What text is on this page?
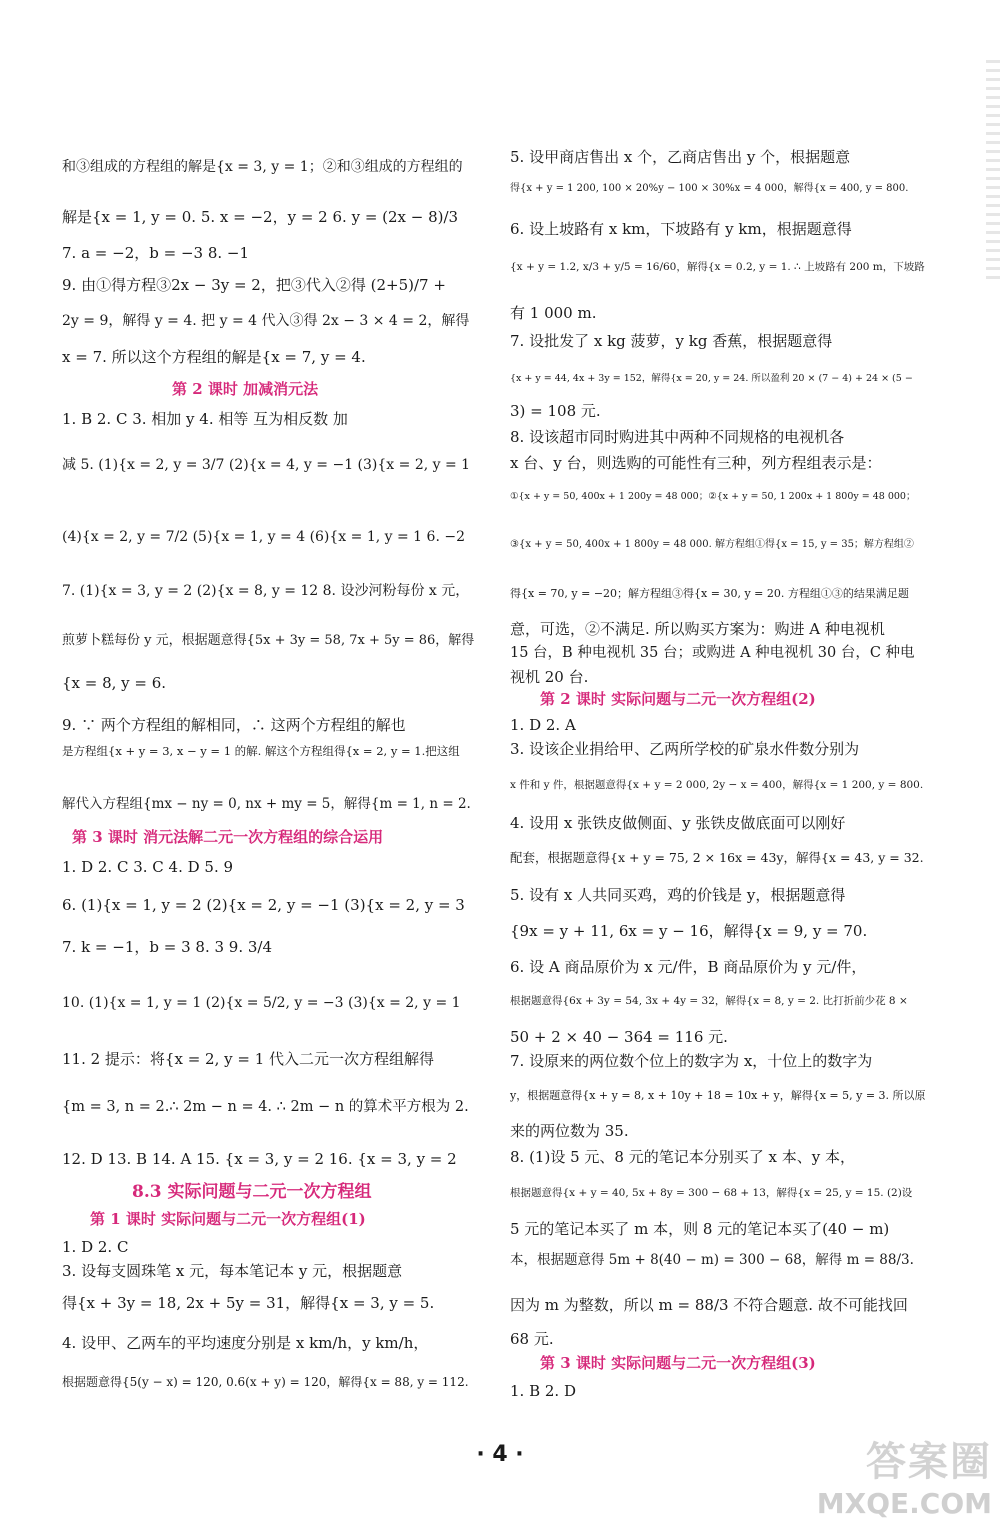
和③组成的方程组的解是{x = 3, y = 1；②和③组成的方程组的
解是{x = 1, y = 0. 5. x = −2，y = 2 6. y = (2x − 8)/3
7. a = −2，b = −3 8. −1
9. 由①得方程③2x − 3y = 2，把③代入②得 (2+5)/7 +
2y = 9，解得 y = 4. 把 y = 4 代入③得 2x − 3 × 4 = 2，解得
x = 7. 所以这个方程组的解是{x = 7, y = 4.
第 2 课时 加减消元法
1. B 2. C 3. 相加 y 4. 相等 互为相反数 加
减 5. (1){x = 2, y = 3/7 (2){x = 4, y = −1 (3){x = 2, y = 1
(4){x = 2, y = 7/2 (5){x = 1, y = 4 (6){x = 1, y = 1 6. −2
7. (1){x = 3, y = 2 (2){x = 8, y = 12 8. 设沙河粉每份 x 元，
煎萝卜糕每份 y 元，根据题意得{5x + 3y = 58, 7x + 5y = 86，解得
{x = 8, y = 6.
9. ∵ 两个方程组的解相同，∴ 这两个方程组的解也
是方程组{x + y = 3, x − y = 1 的解. 解这个方程组得{x = 2, y = 1.把这组
解代入方程组{mx − ny = 0, nx + my = 5，解得{m = 1, n = 2.
第 3 课时 消元法解二元一次方程组的综合运用
1. D 2. C 3. C 4. D 5. 9
6. (1){x = 1, y = 2 (2){x = 2, y = −1 (3){x = 2, y = 3
7. k = −1，b = 3 8. 3 9. 3/4
10. (1){x = 1, y = 1 (2){x = 5/2, y = −3 (3){x = 2, y = 1
11. 2 提示：将{x = 2, y = 1 代入二元一次方程组解得
{m = 3, n = 2.∴ 2m − n = 4. ∴ 2m − n 的算术平方根为 2.
12. D 13. B 14. A 15. {x = 3, y = 2 16. {x = 3, y = 2
8.3 实际问题与二元一次方程组
第 1 课时 实际问题与二元一次方程组(1)
1. D 2. C
3. 设每支圆珠笔 x 元，每本笔记本 y 元，根据题意
得{x + 3y = 18, 2x + 5y = 31，解得{x = 3, y = 5.
4. 设甲、乙两车的平均速度分别是 x km/h，y km/h，
根据题意得{5(y − x) = 120, 0.6(x + y) = 120，解得{x = 88, y = 112.
5. 设甲商店售出 x 个，乙商店售出 y 个，根据题意
得{x + y = 1 200, 100 × 20%y − 100 × 30%x = 4 000，解得{x = 400, y = 800.
6. 设上坡路有 x km，下坡路有 y km，根据题意得
{x + y = 1.2, x/3 + y/5 = 16/60，解得{x = 0.2, y = 1. ∴ 上坡路有 200 m，下坡路
有 1 000 m.
7. 设批发了 x kg 菠萝，y kg 香蕉，根据题意得
{x + y = 44, 4x + 3y = 152，解得{x = 20, y = 24. 所以盈利 20 × (7 − 4) + 24 × (5 −
3) = 108 元.
8. 设该超市同时购进其中两种不同规格的电视机各
x 台、y 台，则选购的可能性有三种，列方程组表示是：
①{x + y = 50, 400x + 1 200y = 48 000；②{x + y = 50, 1 200x + 1 800y = 48 000；
③{x + y = 50, 400x + 1 800y = 48 000. 解方程组①得{x = 15, y = 35；解方程组②
得{x = 70, y = −20；解方程组③得{x = 30, y = 20. 方程组①③的结果满足题
意，可选，②不满足. 所以购买方案为：购进 A 种电视机
15 台，B 种电视机 35 台；或购进 A 种电视机 30 台，C 种电
视机 20 台.
第 2 课时 实际问题与二元一次方程组(2)
1. D 2. A
3. 设该企业捐给甲、乙两所学校的矿泉水件数分别为
x 件和 y 件，根据题意得{x + y = 2 000, 2y − x = 400，解得{x = 1 200, y = 800.
4. 设用 x 张铁皮做侧面、y 张铁皮做底面可以刚好
配套，根据题意得{x + y = 75, 2 × 16x = 43y，解得{x = 43, y = 32.
5. 设有 x 人共同买鸡，鸡的价钱是 y，根据题意得
{9x = y + 11, 6x = y − 16，解得{x = 9, y = 70.
6. 设 A 商品原价为 x 元/件，B 商品原价为 y 元/件，
根据题意得{6x + 3y = 54, 3x + 4y = 32，解得{x = 8, y = 2. 比打折前少花 8 ×
50 + 2 × 40 − 364 = 116 元.
7. 设原来的两位数个位上的数字为 x，十位上的数字为
y，根据题意得{x + y = 8, x + 10y + 18 = 10x + y，解得{x = 5, y = 3. 所以原
来的两位数为 35.
8. (1)设 5 元、8 元的笔记本分别买了 x 本、y 本，
根据题意得{x + y = 40, 5x + 8y = 300 − 68 + 13，解得{x = 25, y = 15. (2)设
5 元的笔记本买了 m 本，则 8 元的笔记本买了(40 − m)
本，根据题意得 5m + 8(40 − m) = 300 − 68，解得 m = 88/3.
因为 m 为整数，所以 m = 88/3 不符合题意. 故不可能找回
68 元.
第 3 课时 实际问题与二元一次方程组(3)
1. B 2. D
· 4 ·	答案圈
MXQE.COM
